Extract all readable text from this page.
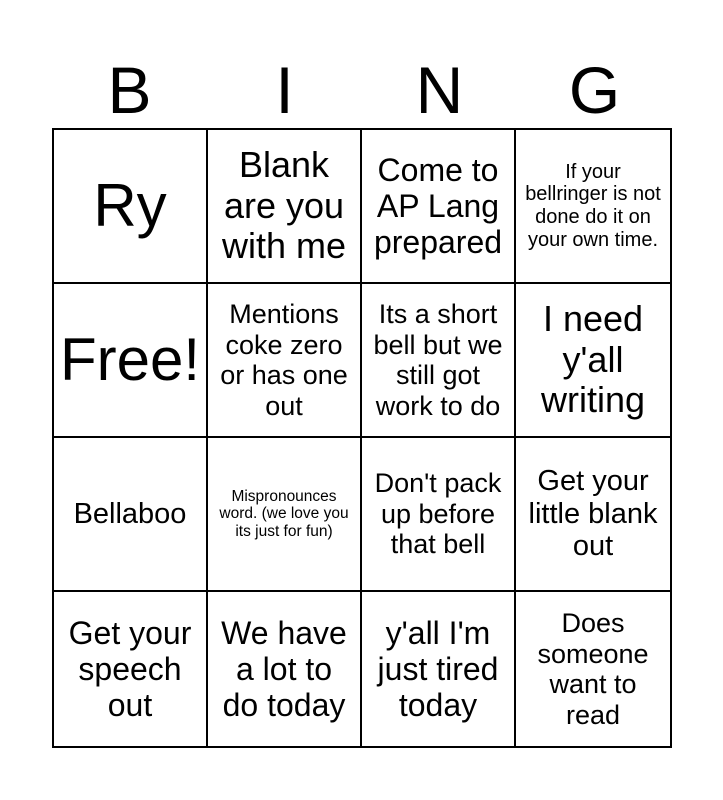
B	I	N	G
Ry
Blank are you with me
Come to AP Lang prepared
If your bellringer is not done do it on your own time.
Free!
Mentions coke zero or has one out
Its a short bell but we still got work to do
I need y'all writing
Bellaboo
Mispronounces word. (we love you its just for fun)
Don't pack up before that bell
Get your little blank out
Get your speech out
We have a lot to do today
y'all I'm just tired today
Does someone want to read
